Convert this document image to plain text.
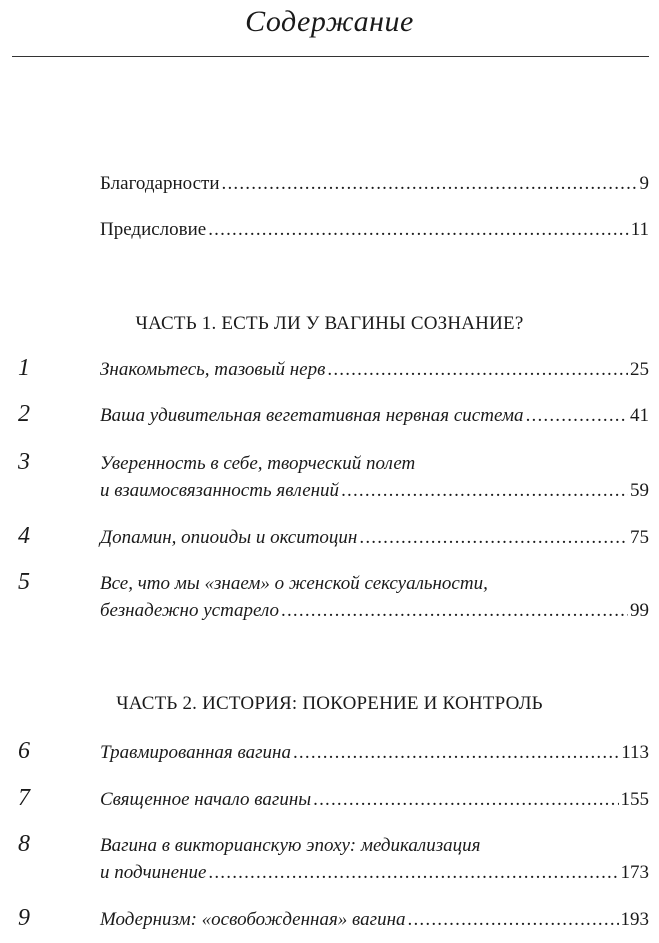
Содержание
Благодарности .....	9
Предисловие .....	11
ЧАСТЬ 1. ЕСТЬ ЛИ У ВАГИНЫ СОЗНАНИЕ?
1	Знакомьтесь, тазовый нерв .....	25
2	Ваша удивительная вегетативная нервная система .....	41
3	Уверенность в себе, творческий полет
и взаимосвязанность явлений .....	59
4	Допамин, опиоиды и окситоцин .....	75
5	Все, что мы «знаем» о женской сексуальности,
безнадежно устарело .....	99
ЧАСТЬ 2. ИСТОРИЯ: ПОКОРЕНИЕ И КОНТРОЛЬ
6	Травмированная вагина .....	113
7	Священное начало вагины .....	155
8	Вагина в викторианскую эпоху: медикализация
и подчинение .....	173
9	Модернизм: «освобожденная» вагина .....	193
